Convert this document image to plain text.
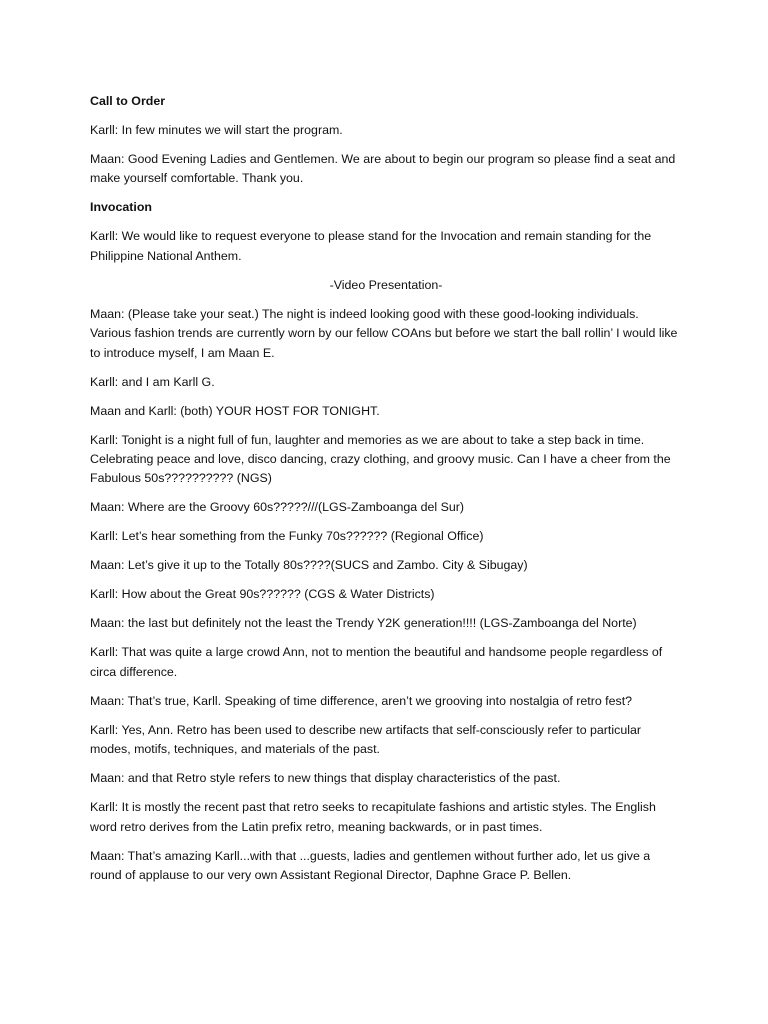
Call to Order

Karll: In few minutes we will start the program.

Maan: Good Evening Ladies and Gentlemen. We are about to begin our program so please find a seat and make yourself comfortable. Thank you.

Invocation

Karll: We would like to request everyone to please stand for the Invocation and remain standing for the Philippine National Anthem.

-Video Presentation-

Maan: (Please take your seat.) The night is indeed looking good with these good-looking individuals. Various fashion trends are currently worn by our fellow COAns but before we start the ball rollin’ I would like to introduce myself, I am Maan E.

Karll: and I am Karll G.

Maan and Karll: (both) YOUR HOST FOR TONIGHT.

Karll: Tonight is a night full of fun, laughter and memories as we are about to take a step back in time. Celebrating peace and love, disco dancing, crazy clothing, and groovy music. Can I have a cheer from the Fabulous 50s?????????? (NGS)

Maan: Where are the Groovy 60s?????///(LGS-Zamboanga del Sur)

Karll: Let’s hear something from the Funky 70s?????? (Regional Office)

Maan: Let’s give it up to the Totally 80s????(SUCS and Zambo. City & Sibugay)

Karll: How about the Great 90s?????? (CGS & Water Districts)

Maan: the last but definitely not the least the Trendy Y2K generation!!!! (LGS-Zamboanga del Norte)

Karll: That was quite a large crowd Ann, not to mention the beautiful and handsome people regardless of circa difference.

Maan: That’s true, Karll. Speaking of time difference, aren’t we grooving into nostalgia of retro fest?

Karll: Yes, Ann. Retro has been used to describe new artifacts that self-consciously refer to particular modes, motifs, techniques, and materials of the past.

Maan: and that Retro style refers to new things that display characteristics of the past.

Karll: It is mostly the recent past that retro seeks to recapitulate fashions and artistic styles. The English word retro derives from the Latin prefix retro, meaning backwards, or in past times.

Maan: That’s amazing Karll...with that ...guests, ladies and gentlemen without further ado, let us give a round of applause to our very own Assistant Regional Director, Daphne Grace P. Bellen.
